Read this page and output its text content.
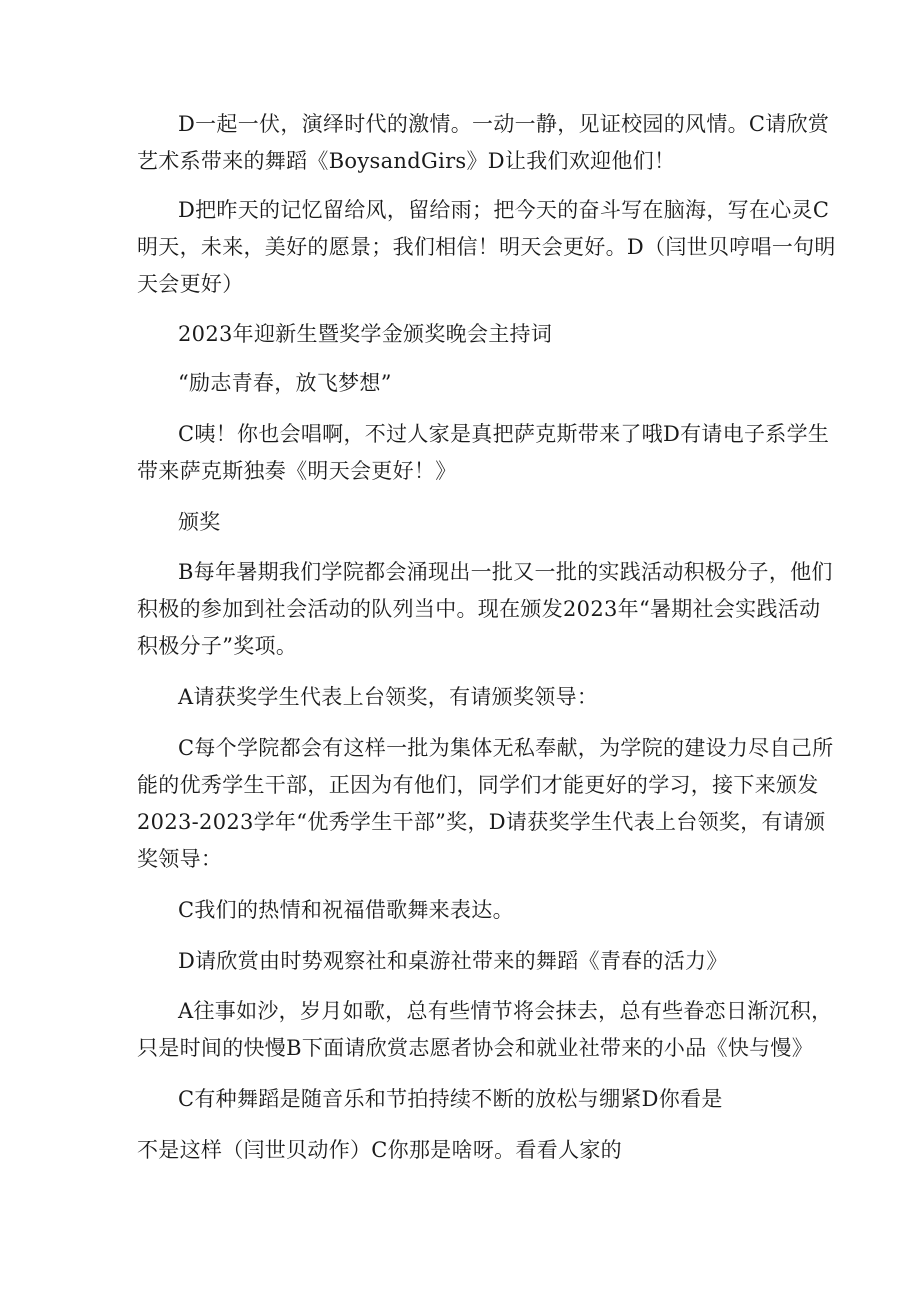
D一起一伏，演绎时代的激情。一动一静，见证校园的风情。C请欣赏
艺术系带来的舞蹈《BoysandGirs》D让我们欢迎他们！
D把昨天的记忆留给风，留给雨；把今天的奋斗写在脑海，写在心灵C
明天，未来，美好的愿景；我们相信！明天会更好。D（闫世贝哼唱一句明
天会更好）
2023年迎新生暨奖学金颁奖晚会主持词
“励志青春，放飞梦想”
C咦！你也会唱啊，不过人家是真把萨克斯带来了哦D有请电子系学生
带来萨克斯独奏《明天会更好！》
颁奖
B每年暑期我们学院都会涌现出一批又一批的实践活动积极分子，他们
积极的参加到社会活动的队列当中。现在颁发2023年“暑期社会实践活动
积极分子”奖项。
A请获奖学生代表上台领奖，有请颁奖领导：
C每个学院都会有这样一批为集体无私奉献，为学院的建设力尽自己所
能的优秀学生干部，正因为有他们，同学们才能更好的学习，接下来颁发
2023-2023学年“优秀学生干部”奖，D请获奖学生代表上台领奖，有请颁
奖领导：
C我们的热情和祝福借歌舞来表达。
D请欣赏由时势观察社和桌游社带来的舞蹈《青春的活力》
A往事如沙，岁月如歌，总有些情节将会抹去，总有些眷恋日渐沉积，
只是时间的快慢B下面请欣赏志愿者协会和就业社带来的小品《快与慢》
C有种舞蹈是随音乐和节拍持续不断的放松与绷紧D你看是
不是这样（闫世贝动作）C你那是啥呀。看看人家的
